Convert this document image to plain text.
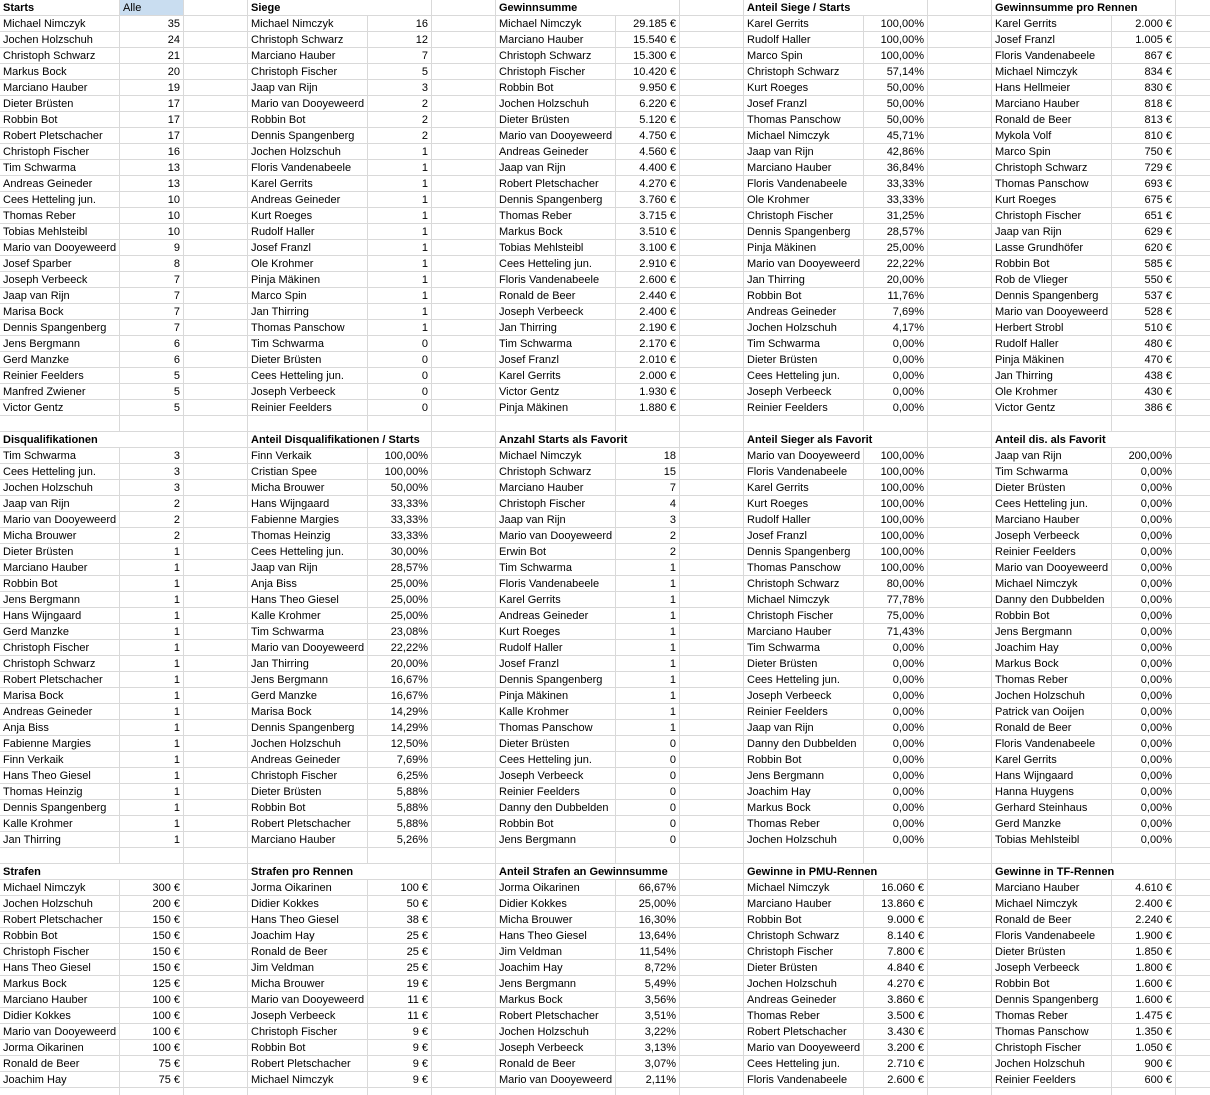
Alle
Starts
Michael Nimczyk	35
Jochen Holzschuh	24
Christoph Schwarz	21
Markus Bock	20
Marciano Hauber	19
Dieter Brüsten	17
Robbin Bot	17
Robert Pletschacher	17
Christoph Fischer	16
Tim Schwarma	13
Andreas Geineder	13
Cees Hetteling jun.	10
Thomas Reber	10
Tobias Mehlsteibl	10
Mario van Dooyeweerd	9
Josef Sparber	8
Joseph Verbeeck	7
Jaap van Rijn	7
Marisa Bock	7
Dennis Spangenberg	7
Jens Bergmann	6
Gerd Manzke	6
Reinier Feelders	5
Manfred Zwiener	5
Victor Gentz	5
Siege
Michael Nimczyk	16
Christoph Schwarz	12
Marciano Hauber	7
Christoph Fischer	5
Jaap van Rijn	3
Mario van Dooyeweerd	2
Robbin Bot	2
Dennis Spangenberg	2
Jochen Holzschuh	1
Floris Vandenabeele	1
Karel Gerrits	1
Andreas Geineder	1
Kurt Roeges	1
Rudolf Haller	1
Josef Franzl	1
Ole Krohmer	1
Pinja Mäkinen	1
Marco Spin	1
Jan Thirring	1
Thomas Panschow	1
Tim Schwarma	0
Dieter Brüsten	0
Cees Hetteling jun.	0
Joseph Verbeeck	0
Reinier Feelders	0
Gewinnsumme
Michael Nimczyk	29.185 €
Marciano Hauber	15.540 €
Christoph Schwarz	15.300 €
Christoph Fischer	10.420 €
Robbin Bot	9.950 €
Jochen Holzschuh	6.220 €
Dieter Brüsten	5.120 €
Mario van Dooyeweerd	4.750 €
Andreas Geineder	4.560 €
Jaap van Rijn	4.400 €
Robert Pletschacher	4.270 €
Dennis Spangenberg	3.760 €
Thomas Reber	3.715 €
Markus Bock	3.510 €
Tobias Mehlsteibl	3.100 €
Cees Hetteling jun.	2.910 €
Floris Vandenabeele	2.600 €
Ronald de Beer	2.440 €
Joseph Verbeeck	2.400 €
Jan Thirring	2.190 €
Tim Schwarma	2.170 €
Josef Franzl	2.010 €
Karel Gerrits	2.000 €
Victor Gentz	1.930 €
Pinja Mäkinen	1.880 €
Anteil Siege / Starts
Karel Gerrits	100,00%
Rudolf Haller	100,00%
Marco Spin	100,00%
Christoph Schwarz	57,14%
Kurt Roeges	50,00%
Josef Franzl	50,00%
Thomas Panschow	50,00%
Michael Nimczyk	45,71%
Jaap van Rijn	42,86%
Marciano Hauber	36,84%
Floris Vandenabeele	33,33%
Ole Krohmer	33,33%
Christoph Fischer	31,25%
Dennis Spangenberg	28,57%
Pinja Mäkinen	25,00%
Mario van Dooyeweerd	22,22%
Jan Thirring	20,00%
Robbin Bot	11,76%
Andreas Geineder	7,69%
Jochen Holzschuh	4,17%
Tim Schwarma	0,00%
Dieter Brüsten	0,00%
Cees Hetteling jun.	0,00%
Joseph Verbeeck	0,00%
Reinier Feelders	0,00%
Gewinnsumme pro Rennen
Karel Gerrits	2.000 €
Josef Franzl	1.005 €
Floris Vandenabeele	867 €
Michael Nimczyk	834 €
Hans Hellmeier	830 €
Marciano Hauber	818 €
Ronald de Beer	813 €
Mykola Volf	810 €
Marco Spin	750 €
Christoph Schwarz	729 €
Thomas Panschow	693 €
Kurt Roeges	675 €
Christoph Fischer	651 €
Jaap van Rijn	629 €
Lasse Grundhöfer	620 €
Robbin Bot	585 €
Rob de Vlieger	550 €
Dennis Spangenberg	537 €
Mario van Dooyeweerd	528 €
Herbert Strobl	510 €
Rudolf Haller	480 €
Pinja Mäkinen	470 €
Jan Thirring	438 €
Ole Krohmer	430 €
Victor Gentz	386 €
Disqualifikationen
Tim Schwarma	3
Cees Hetteling jun.	3
Jochen Holzschuh	3
Jaap van Rijn	2
Mario van Dooyeweerd	2
Micha Brouwer	2
Dieter Brüsten	1
Marciano Hauber	1
Robbin Bot	1
Jens Bergmann	1
Hans Wijngaard	1
Gerd Manzke	1
Christoph Fischer	1
Christoph Schwarz	1
Robert Pletschacher	1
Marisa Bock	1
Andreas Geineder	1
Anja Biss	1
Fabienne Margies	1
Finn Verkaik	1
Hans Theo Giesel	1
Thomas Heinzig	1
Dennis Spangenberg	1
Kalle Krohmer	1
Jan Thirring	1
Anteil Disqualifikationen / Starts
Finn Verkaik	100,00%
Cristian Spee	100,00%
Micha Brouwer	50,00%
Hans Wijngaard	33,33%
Fabienne Margies	33,33%
Thomas Heinzig	33,33%
Cees Hetteling jun.	30,00%
Jaap van Rijn	28,57%
Anja Biss	25,00%
Hans Theo Giesel	25,00%
Kalle Krohmer	25,00%
Tim Schwarma	23,08%
Mario van Dooyeweerd	22,22%
Jan Thirring	20,00%
Jens Bergmann	16,67%
Gerd Manzke	16,67%
Marisa Bock	14,29%
Dennis Spangenberg	14,29%
Jochen Holzschuh	12,50%
Andreas Geineder	7,69%
Christoph Fischer	6,25%
Dieter Brüsten	5,88%
Robbin Bot	5,88%
Robert Pletschacher	5,88%
Marciano Hauber	5,26%
Anzahl Starts als Favorit
Michael Nimczyk	18
Christoph Schwarz	15
Marciano Hauber	7
Christoph Fischer	4
Jaap van Rijn	3
Mario van Dooyeweerd	2
Erwin Bot	2
Tim Schwarma	1
Floris Vandenabeele	1
Karel Gerrits	1
Andreas Geineder	1
Kurt Roeges	1
Rudolf Haller	1
Josef Franzl	1
Dennis Spangenberg	1
Pinja Mäkinen	1
Kalle Krohmer	1
Thomas Panschow	1
Dieter Brüsten	0
Cees Hetteling jun.	0
Joseph Verbeeck	0
Reinier Feelders	0
Danny den Dubbelden	0
Robbin Bot	0
Jens Bergmann	0
Anteil Sieger als Favorit
Mario van Dooyeweerd	100,00%
Floris Vandenabeele	100,00%
Karel Gerrits	100,00%
Kurt Roeges	100,00%
Rudolf Haller	100,00%
Josef Franzl	100,00%
Dennis Spangenberg	100,00%
Thomas Panschow	100,00%
Christoph Schwarz	80,00%
Michael Nimczyk	77,78%
Christoph Fischer	75,00%
Marciano Hauber	71,43%
Tim Schwarma	0,00%
Dieter Brüsten	0,00%
Cees Hetteling jun.	0,00%
Joseph Verbeeck	0,00%
Reinier Feelders	0,00%
Jaap van Rijn	0,00%
Danny den Dubbelden	0,00%
Robbin Bot	0,00%
Jens Bergmann	0,00%
Joachim Hay	0,00%
Markus Bock	0,00%
Thomas Reber	0,00%
Jochen Holzschuh	0,00%
Anteil dis. als Favorit
Jaap van Rijn	200,00%
Tim Schwarma	0,00%
Dieter Brüsten	0,00%
Cees Hetteling jun.	0,00%
Marciano Hauber	0,00%
Joseph Verbeeck	0,00%
Reinier Feelders	0,00%
Mario van Dooyeweerd	0,00%
Michael Nimczyk	0,00%
Danny den Dubbelden	0,00%
Robbin Bot	0,00%
Jens Bergmann	0,00%
Joachim Hay	0,00%
Markus Bock	0,00%
Thomas Reber	0,00%
Jochen Holzschuh	0,00%
Patrick van Ooijen	0,00%
Ronald de Beer	0,00%
Floris Vandenabeele	0,00%
Karel Gerrits	0,00%
Hans Wijngaard	0,00%
Hanna Huygens	0,00%
Gerhard Steinhaus	0,00%
Gerd Manzke	0,00%
Tobias Mehlsteibl	0,00%
Strafen
Michael Nimczyk	300 €
Jochen Holzschuh	200 €
Robert Pletschacher	150 €
Robbin Bot	150 €
Christoph Fischer	150 €
Hans Theo Giesel	150 €
Markus Bock	125 €
Marciano Hauber	100 €
Didier Kokkes	100 €
Mario van Dooyeweerd	100 €
Jorma Oikarinen	100 €
Ronald de Beer	75 €
Joachim Hay	75 €
Strafen pro Rennen
Jorma Oikarinen	100 €
Didier Kokkes	50 €
Hans Theo Giesel	38 €
Joachim Hay	25 €
Ronald de Beer	25 €
Jim Veldman	25 €
Micha Brouwer	19 €
Mario van Dooyeweerd	11 €
Joseph Verbeeck	11 €
Christoph Fischer	9 €
Robbin Bot	9 €
Robert Pletschacher	9 €
Michael Nimczyk	9 €
Anteil Strafen an Gewinnsumme
Jorma Oikarinen	66,67%
Didier Kokkes	25,00%
Micha Brouwer	16,30%
Hans Theo Giesel	13,64%
Jim Veldman	11,54%
Joachim Hay	8,72%
Jens Bergmann	5,49%
Markus Bock	3,56%
Robert Pletschacher	3,51%
Jochen Holzschuh	3,22%
Joseph Verbeeck	3,13%
Ronald de Beer	3,07%
Mario van Dooyeweerd	2,11%
Gewinne in PMU-Rennen
Michael Nimczyk	16.060 €
Marciano Hauber	13.860 €
Robbin Bot	9.000 €
Christoph Schwarz	8.140 €
Christoph Fischer	7.800 €
Dieter Brüsten	4.840 €
Jochen Holzschuh	4.270 €
Andreas Geineder	3.860 €
Thomas Reber	3.500 €
Robert Pletschacher	3.430 €
Mario van Dooyeweerd	3.200 €
Cees Hetteling jun.	2.710 €
Floris Vandenabeele	2.600 €
Gewinne in TF-Rennen
Marciano Hauber	4.610 €
Michael Nimczyk	2.400 €
Ronald de Beer	2.240 €
Floris Vandenabeele	1.900 €
Dieter Brüsten	1.850 €
Joseph Verbeeck	1.800 €
Robbin Bot	1.600 €
Dennis Spangenberg	1.600 €
Thomas Reber	1.475 €
Thomas Panschow	1.350 €
Christoph Fischer	1.050 €
Jochen Holzschuh	900 €
Reinier Feelders	600 €
